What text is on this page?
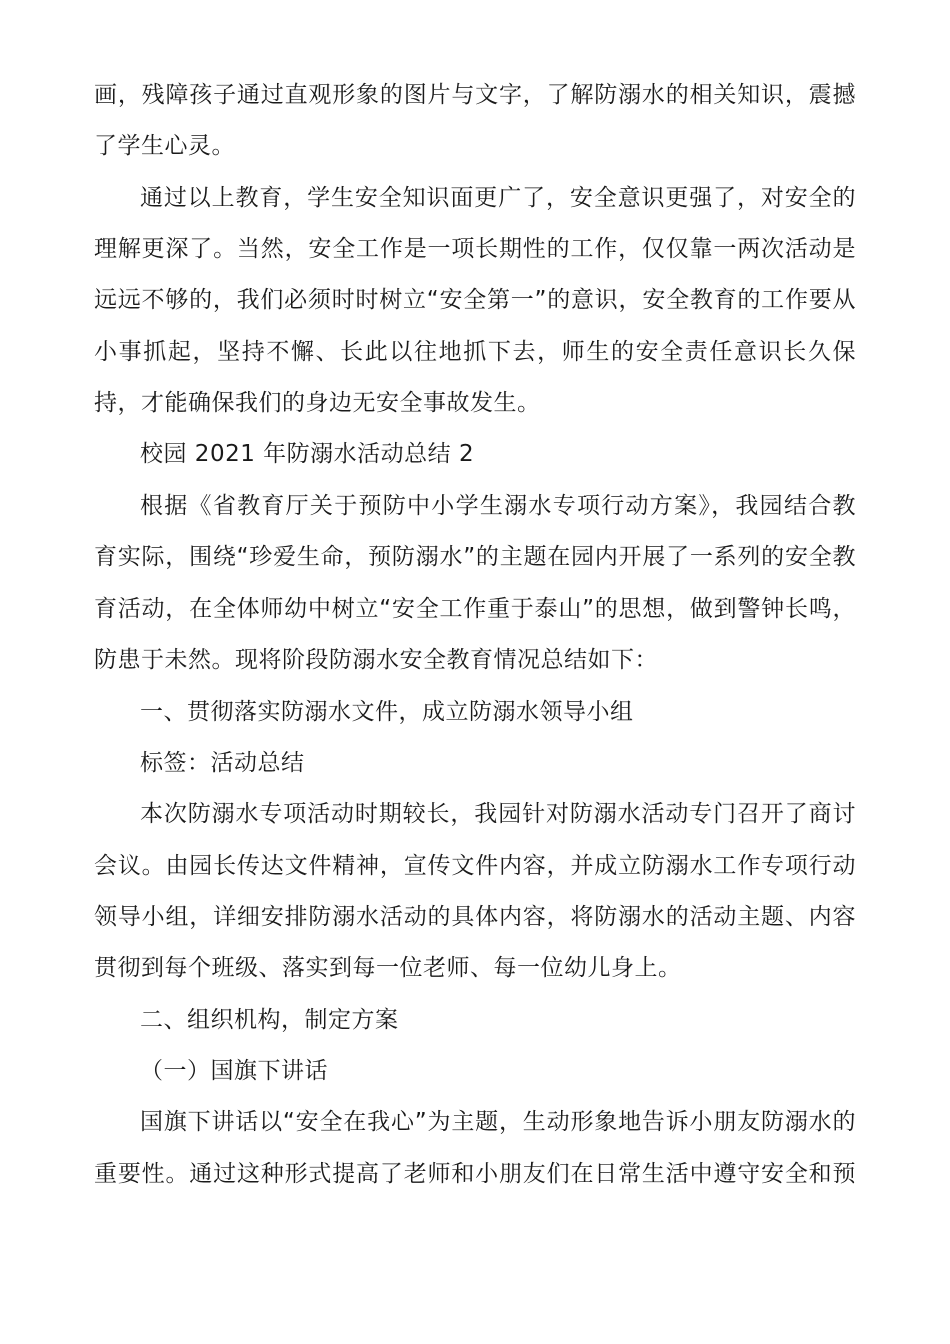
画，残障孩子通过直观形象的图片与文字，了解防溺水的相关知识，震撼
了学生心灵。
通过以上教育，学生安全知识面更广了，安全意识更强了，对安全的
理解更深了。当然，安全工作是一项长期性的工作，仅仅靠一两次活动是
远远不够的，我们必须时时树立“安全第一”的意识，安全教育的工作要从
小事抓起，坚持不懈、长此以往地抓下去，师生的安全责任意识长久保
持，才能确保我们的身边无安全事故发生。
校园 2021 年防溺水活动总结 2
根据《省教育厅关于预防中小学生溺水专项行动方案》，我园结合教
育实际，围绕“珍爱生命，预防溺水”的主题在园内开展了一系列的安全教
育活动，在全体师幼中树立“安全工作重于泰山”的思想，做到警钟长鸣，
防患于未然。现将阶段防溺水安全教育情况总结如下：
一、贯彻落实防溺水文件，成立防溺水领导小组
标签：活动总结
本次防溺水专项活动时期较长，我园针对防溺水活动专门召开了商讨
会议。由园长传达文件精神，宣传文件内容，并成立防溺水工作专项行动
领导小组，详细安排防溺水活动的具体内容，将防溺水的活动主题、内容
贯彻到每个班级、落实到每一位老师、每一位幼儿身上。
二、组织机构，制定方案
（一）国旗下讲话
国旗下讲话以“安全在我心”为主题，生动形象地告诉小朋友防溺水的
重要性。通过这种形式提高了老师和小朋友们在日常生活中遵守安全和预
